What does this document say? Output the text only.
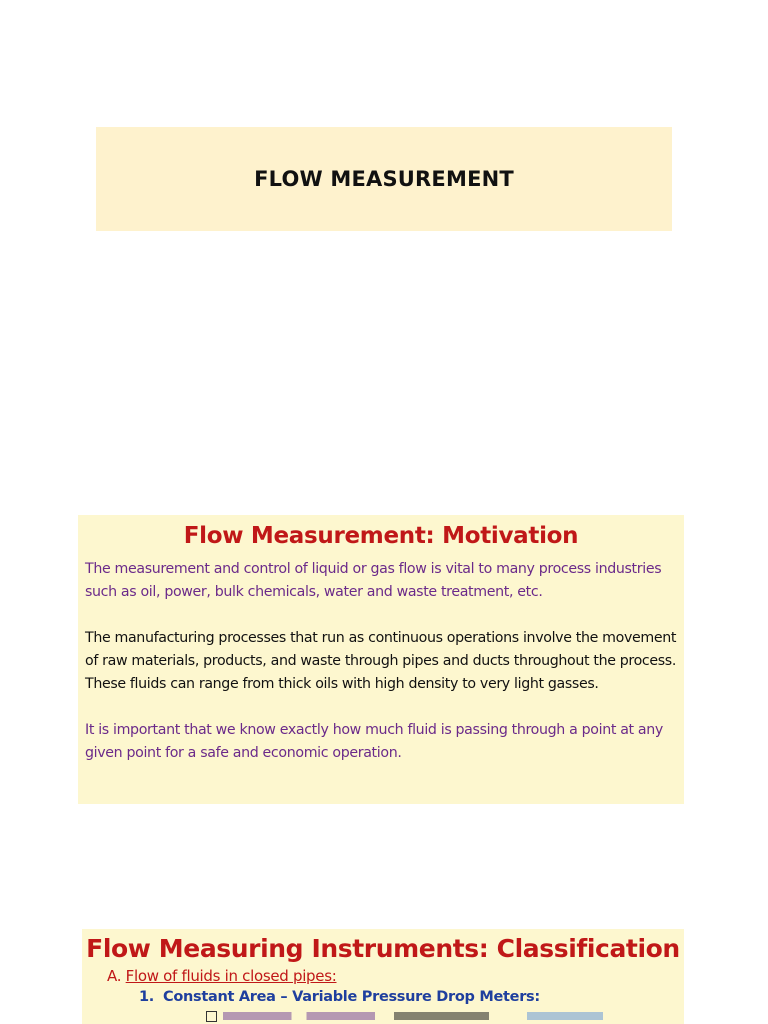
FLOW MEASUREMENT
Flow Measurement: Motivation

The measurement and control of liquid or gas flow is vital to many process industries such as oil, power, bulk chemicals, water and waste treatment, etc.

The manufacturing processes that run as continuous operations involve the movement of raw materials, products, and waste through pipes and ducts throughout the process. These fluids can range from thick oils with high density to very light gasses.

It is important that we know exactly how much fluid is passing through a point at any given point for a safe and economic operation.

Flow Measuring Instruments: Classification
A. Flow of fluids in closed pipes:
1. Constant Area – Variable Pressure Drop Meters:
